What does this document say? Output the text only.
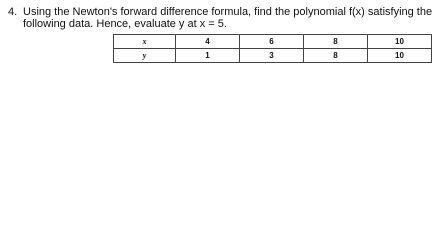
4. Using the Newton's forward difference formula, find the polynomial f(x) satisfying the
following data. Hence, evaluate y at x = 5.
x	4	6	8	10
y	1	3	8	10
